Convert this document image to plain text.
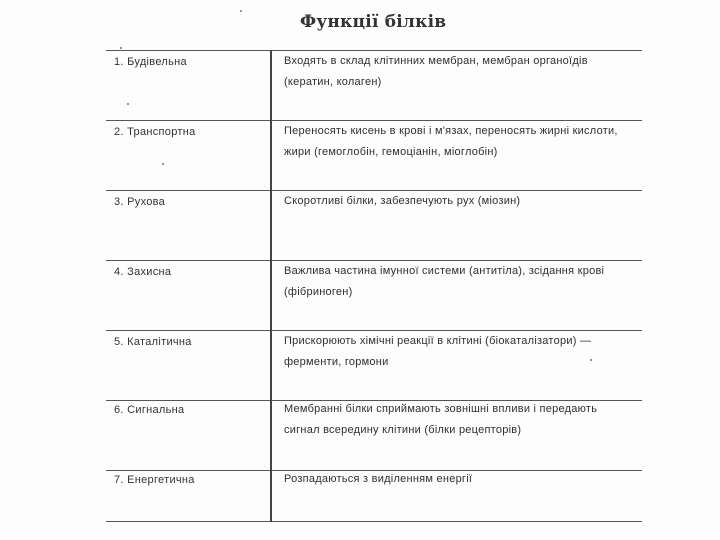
Функції білків
1. Будівельна	Входять в склад клітинних мембран, мембран органоїдів (кератин, колаген)
2. Транспортна	Переносять кисень в крові і м'язах, переносять жирні кислоти, жири (гемоглобін, гемоціанін, міоглобін)
3. Рухова	Скоротливі білки, забезпечують рух (міозин)
4. Захисна	Важлива частина імунної системи (антитіла), зсідання крові (фібриноген)
5. Каталітична	Прискорюють хімічні реакції в клітині (біокаталізатори) — ферменти, гормони
6. Сигнальна	Мембранні білки сприймають зовнішні впливи і передають сигнал всередину клітини (білки рецепторів)
7. Енергетична	Розпадаються з виділенням енергії
